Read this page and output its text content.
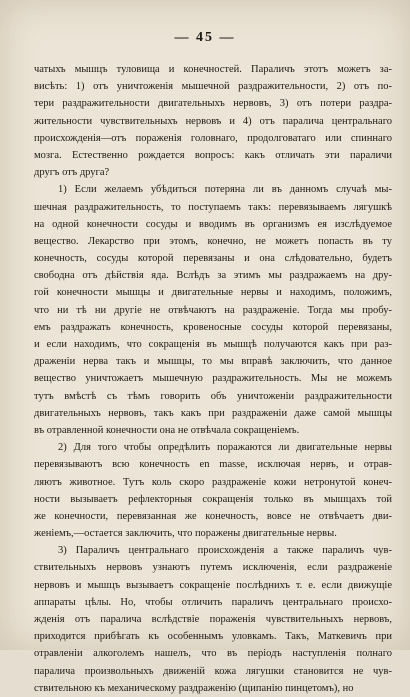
— 45 —
чатыхъ мышцъ туловища и конечностей. Параличъ этотъ можетъ за-
висѣть: 1) отъ уничтоженія мышечной раздражительности, 2) отъ по-
тери раздражительности двигательныхъ нервовъ, 3) отъ потери раздра-
жительности чувствительныхъ нервовъ и 4) отъ паралича центральнаго
происхожденія—отъ пораженія головнаго, продолговатаго или спиннаго
мозга. Естественно рождается вопросъ: какъ отличать эти параличи
другъ отъ друга?
1) Если желаемъ убѣдиться потеряна ли въ данномъ случаѣ мы-
шечная раздражительность, то поступаемъ такъ: перевязываемъ лягушкѣ
на одной конечности сосуды и вводимъ въ организмъ ея изслѣдуемое
вещество. Лекарство при этомъ, конечно, не можетъ попасть въ ту
конечность, сосуды которой перевязаны и она слѣдовательно, будетъ
свободна отъ дѣйствія яда. Вслѣдъ за этимъ мы раздражаемъ на дру-
гой конечности мышцы и двигательные нервы и находимъ, положимъ,
что ни тѣ ни другіе не отвѣчаютъ на раздраженіе. Тогда мы пробу-
емъ раздражать конечность, кровеносные сосуды которой перевязаны,
и если находимъ, что сокращенія въ мышцѣ получаются какъ при раз-
драженіи нерва такъ и мышцы, то мы вправѣ заключить, что данное
вещество уничтожаетъ мышечную раздражительность. Мы не можемъ
тутъ вмѣстѣ съ тѣмъ говорить объ уничтоженіи раздражительности
двигательныхъ нервовъ, такъ какъ при раздраженіи даже самой мышцы
въ отравленной конечности она не отвѣчала сокращеніемъ.
2) Для того чтобы опредѣлить поражаются ли двигательные нервы
перевязываютъ всю конечность en masse, исключая нервъ, и отрав-
ляютъ животное. Тутъ коль скоро раздраженіе кожи нетронутой конеч-
ности вызываетъ рефлекторныя сокращенія только въ мышцахъ той
же конечности, перевязанная же конечность, вовсе не отвѣчаетъ дви-
женіемъ,—остается заключить, что поражены двигательные нервы.
3) Параличъ центральнаго происхожденія а также параличъ чув-
ствительныхъ нервовъ узнаютъ путемъ исключенія, если раздраженіе
нервовъ и мышцъ вызываетъ сокращеніе послѣднихъ т. е. если движущіе
аппараты цѣлы. Но, чтобы отличить параличъ центральнаго происхо-
жденія отъ паралича вслѣдствіе пораженія чувствительныхъ нервовъ,
приходится прибѣгать къ особеннымъ уловкамъ. Такъ, Маткевичъ при
отравленіи алкоголемъ нашелъ, что въ періодъ наступленія полнаго
паралича произвольныхъ движеній кожа лягушки становится не чув-
ствительною къ механическому раздраженію (щипанію пинцетомъ), но
